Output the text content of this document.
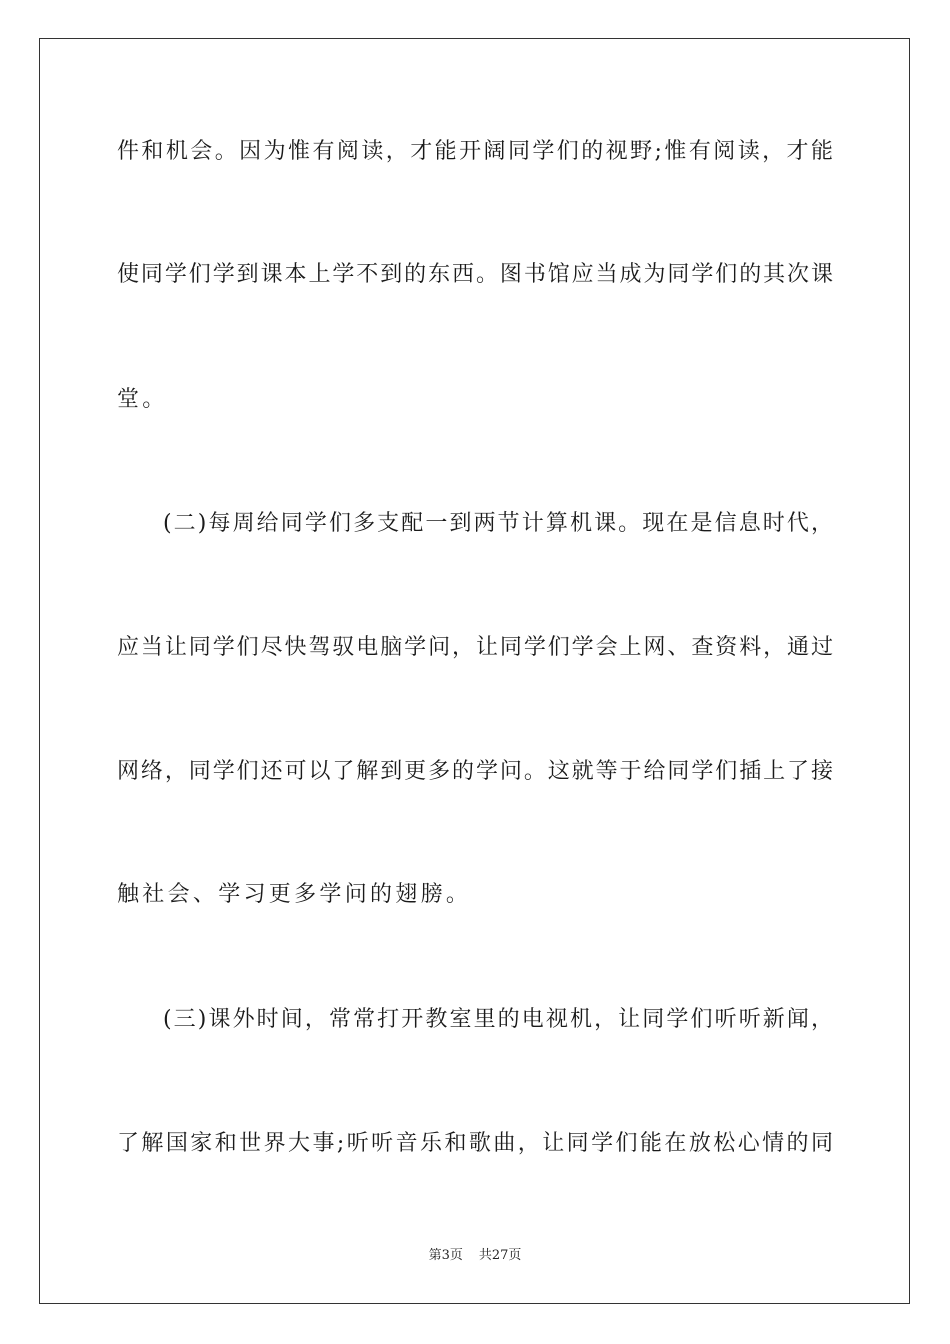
件和机会。因为惟有阅读，才能开阔同学们的视野;惟有阅读，才能
使同学们学到课本上学不到的东西。图书馆应当成为同学们的其次课
堂。
(二)每周给同学们多支配一到两节计算机课。现在是信息时代，
应当让同学们尽快驾驭电脑学问，让同学们学会上网、查资料，通过
网络，同学们还可以了解到更多的学问。这就等于给同学们插上了接
触社会、学习更多学问的翅膀。
(三)课外时间，常常打开教室里的电视机，让同学们听听新闻，
了解国家和世界大事;听听音乐和歌曲，让同学们能在放松心情的同
第3页 共27页
